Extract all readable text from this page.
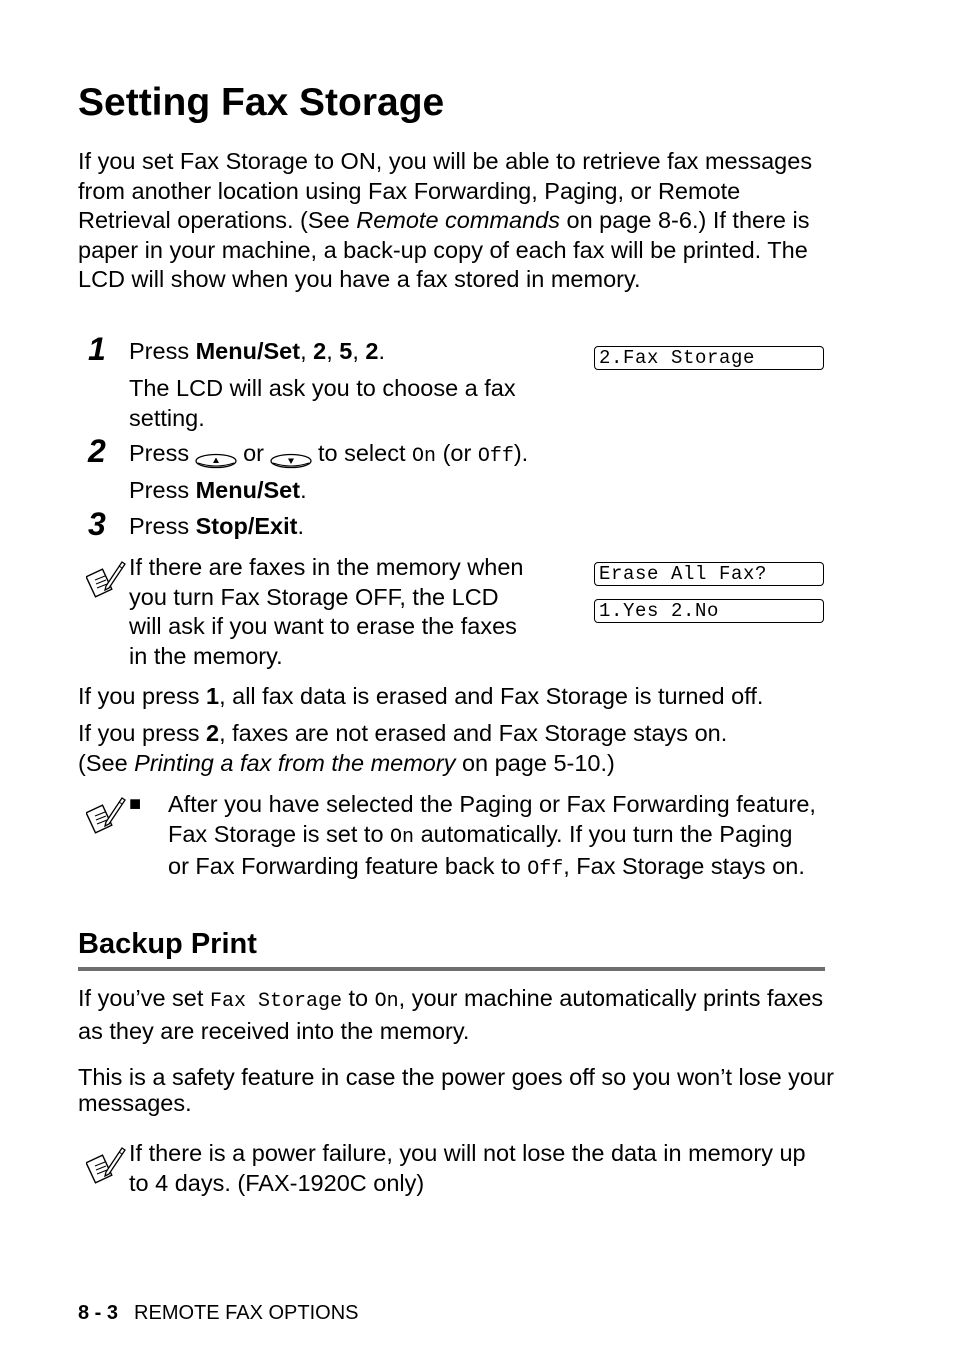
Setting Fax Storage

If you set Fax Storage to ON, you will be able to retrieve fax messages from another location using Fax Forwarding, Paging, or Remote Retrieval operations. (See Remote commands on page 8-6.) If there is paper in your machine, a back-up copy of each fax will be printed. The LCD will show when you have a fax stored in memory.

1 Press Menu/Set, 2, 5, 2.
The LCD will ask you to choose a fax setting.
2.Fax Storage
2 Press or to select On (or Off).
Press Menu/Set.
3 Press Stop/Exit.
If there are faxes in the memory when you turn Fax Storage OFF, the LCD will ask if you want to erase the faxes in the memory.
Erase All Fax?
1.Yes 2.No
If you press 1, all fax data is erased and Fax Storage is turned off.
If you press 2, faxes are not erased and Fax Storage stays on.
(See Printing a fax from the memory on page 5-10.)
■ After you have selected the Paging or Fax Forwarding feature, Fax Storage is set to On automatically. If you turn the Paging or Fax Forwarding feature back to Off, Fax Storage stays on.
Backup Print
If you’ve set Fax Storage to On, your machine automatically prints faxes as they are received into the memory.
This is a safety feature in case the power goes off so you won’t lose your messages.
If there is a power failure, you will not lose the data in memory up to 4 days. (FAX-1920C only)
8 - 3 REMOTE FAX OPTIONS
